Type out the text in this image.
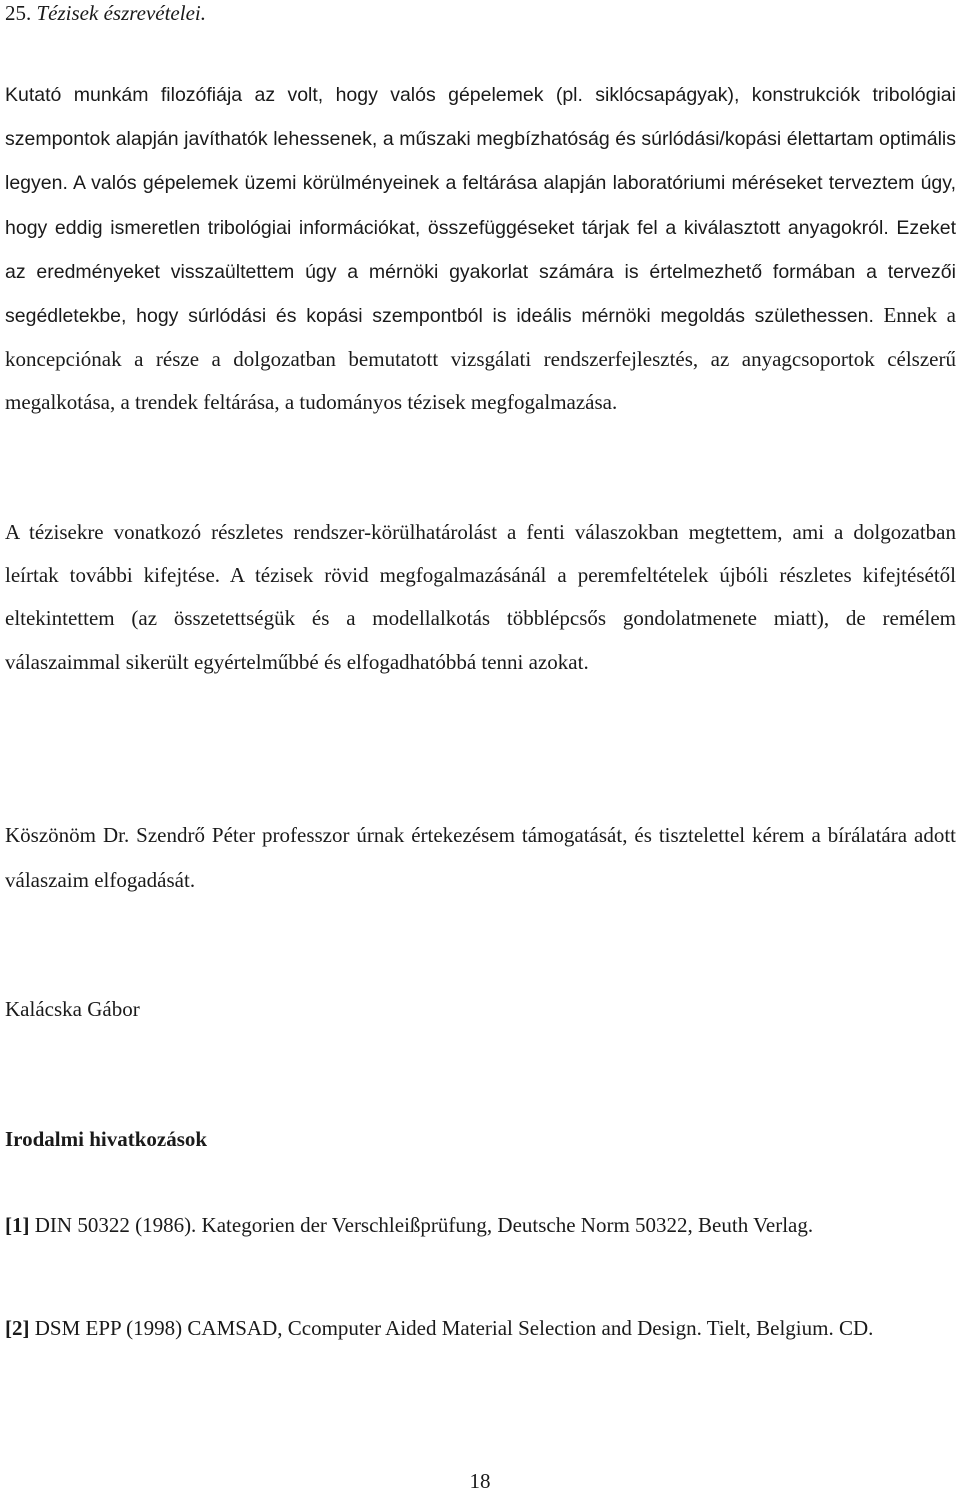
25. Tézisek észrevételei.

Kutató munkám filozófiája az volt, hogy valós gépelemek (pl. siklócsapágyak), konstrukciók tribológiai szempontok alapján javíthatók lehessenek, a műszaki megbízhatóság és súrlódási/kopási élettartam optimális legyen. A valós gépelemek üzemi körülményeinek a feltárása alapján laboratóriumi méréseket terveztem úgy, hogy eddig ismeretlen tribológiai információkat, összefüggéseket tárjak fel a kiválasztott anyagokról. Ezeket az eredményeket visszaültettem úgy a mérnöki gyakorlat számára is értelmezhető formában a tervezői segédletekbe, hogy súrlódási és kopási szempontból is ideális mérnöki megoldás születhessen. Ennek a koncepciónak a része a dolgozatban bemutatott vizsgálati rendszerfejlesztés, az anyagcsoportok célszerű megalkotása, a trendek feltárása, a tudományos tézisek megfogalmazása.

A tézisekre vonatkozó részletes rendszer-körülhatárolást a fenti válaszokban megtettem, ami a dolgozatban leírtak további kifejtése. A tézisek rövid megfogalmazásánál a peremfeltételek újbóli részletes kifejtésétől eltekintettem (az összetettségük és a modellalkotás többlépcsős gondolatmenete miatt), de remélem válaszaimmal sikerült egyértelműbbé és elfogadhatóbbá tenni azokat.

Köszönöm Dr. Szendrő Péter professzor úrnak értekezésem támogatását, és tisztelettel kérem a bírálatára adott válaszaim elfogadását.

Kalácska Gábor
Irodalmi hivatkozások

[1] DIN 50322 (1986). Kategorien der Verschleißprüfung, Deutsche Norm 50322, Beuth Verlag.

[2] DSM EPP (1998) CAMSAD, Ccomputer Aided Material Selection and Design. Tielt, Belgium. CD.

18
